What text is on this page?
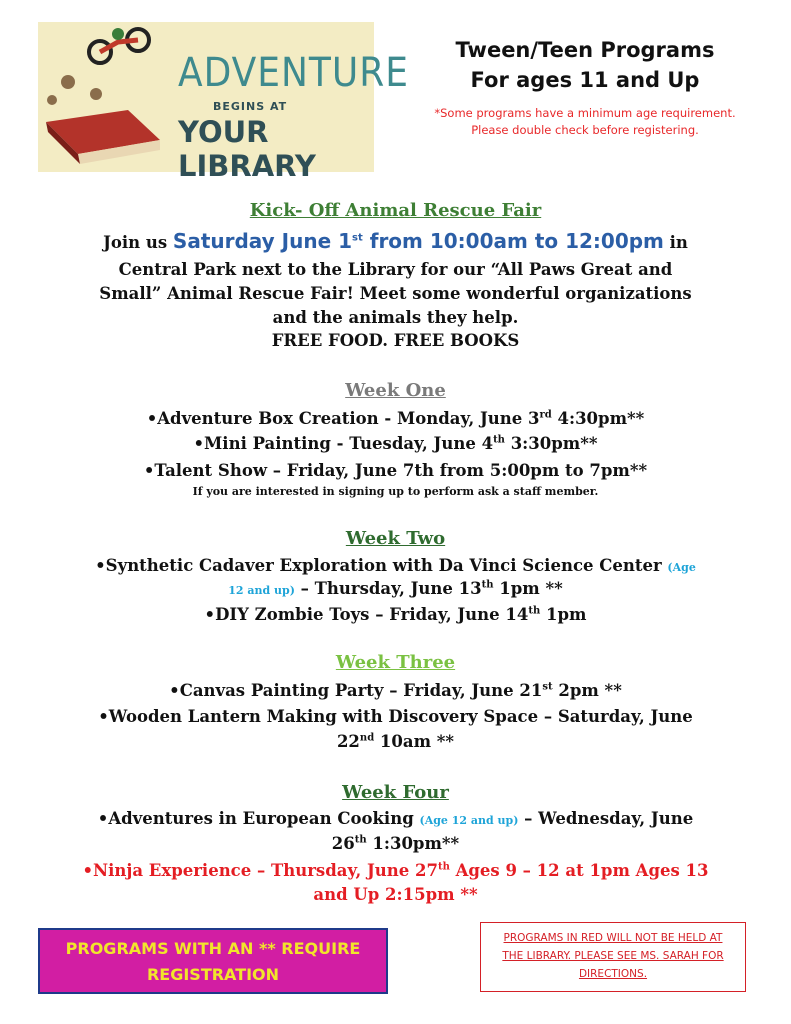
ADVENTURE
BEGINS AT
YOUR LIBRARY
Tween/Teen Programs
For ages 11 and Up
*Some programs have a minimum age requirement.
Please double check before registering.
Kick- Off Animal Rescue Fair
Join us Saturday June 1st from 10:00am to 12:00pm in
Central Park next to the Library for our “All Paws Great and
Small” Animal Rescue Fair! Meet some wonderful organizations
and the animals they help.
FREE FOOD. FREE BOOKS
Week One
•Adventure Box Creation - Monday, June 3rd 4:30pm**
•Mini Painting - Tuesday, June 4th 3:30pm**
•Talent Show – Friday, June 7th from 5:00pm to 7pm**
If you are interested in signing up to perform ask a staff member.
Week Two
•Synthetic Cadaver Exploration with Da Vinci Science Center (Age
12 and up) – Thursday, June 13th 1pm **
•DIY Zombie Toys – Friday, June 14th 1pm
Week Three
•Canvas Painting Party – Friday, June 21st 2pm **
•Wooden Lantern Making with Discovery Space – Saturday, June
22nd 10am **
Week Four
•Adventures in European Cooking (Age 12 and up) – Wednesday, June
26th 1:30pm**
•Ninja Experience – Thursday, June 27th Ages 9 – 12 at 1pm Ages 13
and Up 2:15pm **
PROGRAMS WITH AN ** REQUIRE
REGISTRATION
PROGRAMS IN RED WILL NOT BE HELD AT
THE LIBRARY. PLEASE SEE MS. SARAH FOR
DIRECTIONS.
